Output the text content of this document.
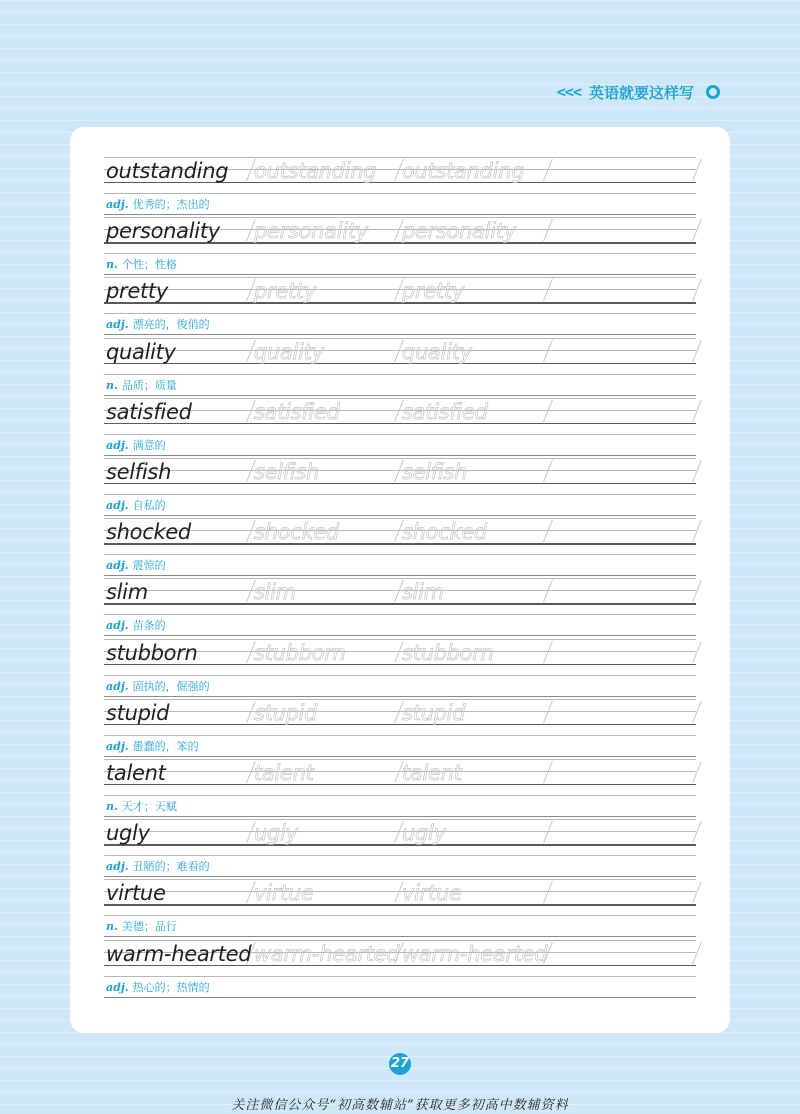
<<< 英语就要这样写
outstanding outstanding outstanding
adj. 优秀的；杰出的
personality personality personality
n. 个性；性格
pretty	pretty	pretty
adj. 漂亮的，俊俏的
quality	quality	quality
n. 品质；质量
satisfied	satisfied	satisfied
adj. 满意的
selfish	selfish	selfish
adj. 自私的
shocked	shocked	shocked
adj. 震惊的
slim	slim	slim
adj. 苗条的
stubborn	stubborn	stubborn
adj. 固执的，倔强的
stupid	stupid	stupid
adj. 愚蠢的，笨的
talent	talent	talent
n. 天才；天赋
ugly	ugly	ugly
adj. 丑陋的；难看的
virtue	virtue	virtue
n. 美德；品行
warm-hearted warm-hearted warm-hearted
adj. 热心的；热情的
27
关注微信公众号“初高数辅站”获取更多初高中数辅资料
